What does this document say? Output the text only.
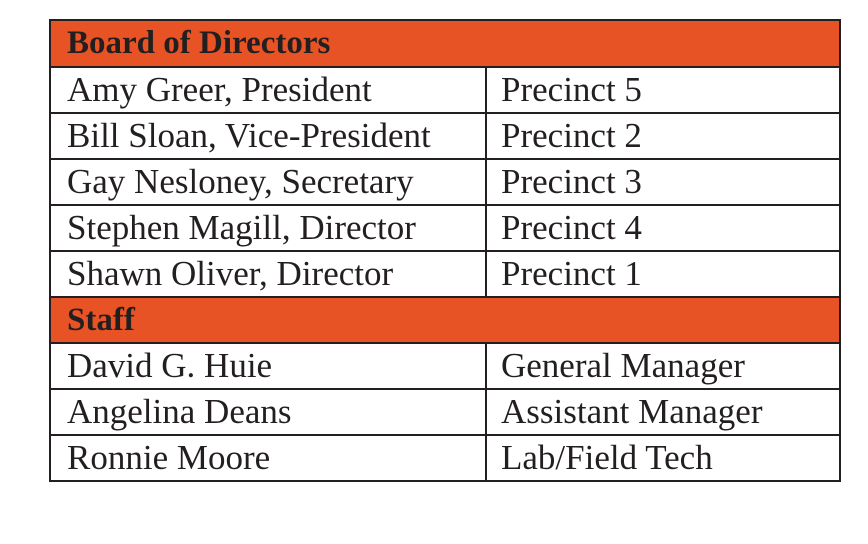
Board of Directors
Amy Greer, President	Precinct 5
Bill Sloan, Vice-President	Precinct 2
Gay Nesloney, Secretary	Precinct 3
Stephen Magill, Director	Precinct 4
Shawn Oliver, Director	Precinct 1
Staff
David G. Huie	General Manager
Angelina Deans	Assistant Manager
Ronnie Moore	Lab/Field Tech
